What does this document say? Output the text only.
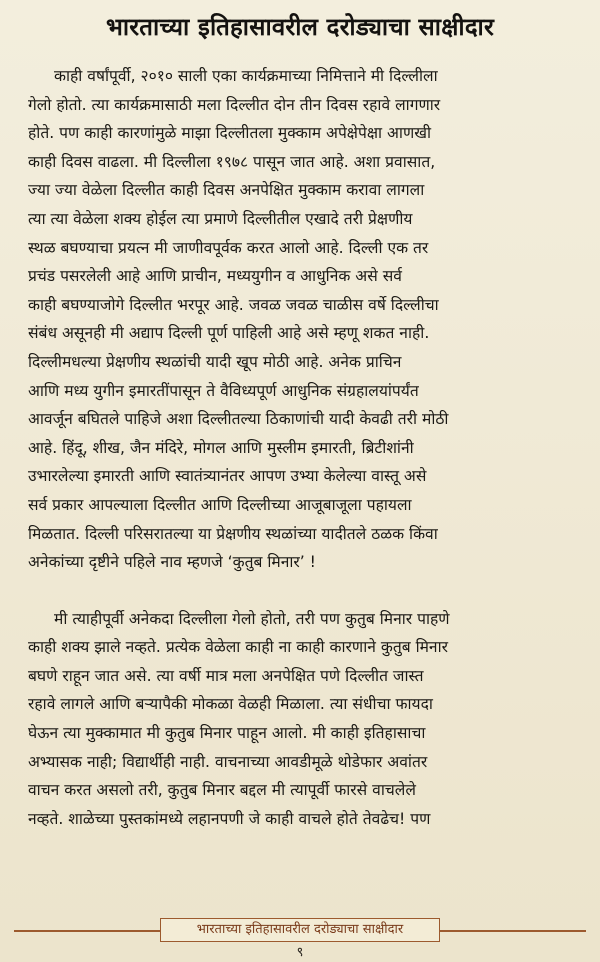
भारताच्या इतिहासावरील दरोड्याचा साक्षीदार

काही वर्षांपूर्वी, २०१० साली एका कार्यक्रमाच्या निमित्ताने मी दिल्लीला
गेलो होतो. त्या कार्यक्रमासाठी मला दिल्लीत दोन तीन दिवस रहावे लागणार
होते. पण काही कारणांमुळे माझा दिल्लीतला मुक्काम अपेक्षेपेक्षा आणखी
काही दिवस वाढला. मी दिल्लीला १९७८ पासून जात आहे. अशा प्रवासात,
ज्या ज्या वेळेला दिल्लीत काही दिवस अनपेक्षित मुक्काम करावा लागला
त्या त्या वेळेला शक्य होईल त्या प्रमाणे दिल्लीतील एखादे तरी प्रेक्षणीय
स्थळ बघण्याचा प्रयत्न मी जाणीवपूर्वक करत आलो आहे. दिल्ली एक तर
प्रचंड पसरलेली आहे आणि प्राचीन, मध्ययुगीन व आधुनिक असे सर्व
काही बघण्याजोगे दिल्लीत भरपूर आहे. जवळ जवळ चाळीस वर्षे दिल्लीचा
संबंध असूनही मी अद्याप दिल्ली पूर्ण पाहिली आहे असे म्हणू शकत नाही.
दिल्लीमधल्या प्रेक्षणीय स्थळांची यादी खूप मोठी आहे. अनेक प्राचिन
आणि मध्य युगीन इमारतींपासून ते वैविध्यपूर्ण आधुनिक संग्रहालयांपर्यंत
आवर्जून बघितले पाहिजे अशा दिल्लीतल्या ठिकाणांची यादी केवढी तरी मोठी
आहे. हिंदू, शीख, जैन मंदिरे, मोगल आणि मुस्लीम इमारती, ब्रिटीशांनी
उभारलेल्या इमारती आणि स्वातंत्र्यानंतर आपण उभ्या केलेल्या वास्तू असे
सर्व प्रकार आपल्याला दिल्लीत आणि दिल्लीच्या आजूबाजूला पहायला
मिळतात. दिल्ली परिसरातल्या या प्रेक्षणीय स्थळांच्या यादीतले ठळक किंवा
अनेकांच्या दृष्टीने पहिले नाव म्हणजे ‘कुतुब मिनार’ !

मी त्याहीपूर्वी अनेकदा दिल्लीला गेलो होतो, तरी पण कुतुब मिनार पाहणे
काही शक्य झाले नव्हते. प्रत्येक वेळेला काही ना काही कारणाने कुतुब मिनार
बघणे राहून जात असे. त्या वर्षी मात्र मला अनपेक्षित पणे दिल्लीत जास्त
रहावे लागले आणि बऱ्यापैकी मोकळा वेळही मिळाला. त्या संधीचा फायदा
घेऊन त्या मुक्कामात मी कुतुब मिनार पाहून आलो. मी काही इतिहासाचा
अभ्यासक नाही; विद्यार्थीही नाही. वाचनाच्या आवडीमूळे थोडेफार अवांतर
वाचन करत असलो तरी, कुतुब मिनार बद्दल मी त्यापूर्वी फारसे वाचलेले
नव्हते. शाळेच्या पुस्तकांमध्ये लहानपणी जे काही वाचले होते तेवढेच! पण

भारताच्या इतिहासावरील दरोड्याचा साक्षीदार
९
